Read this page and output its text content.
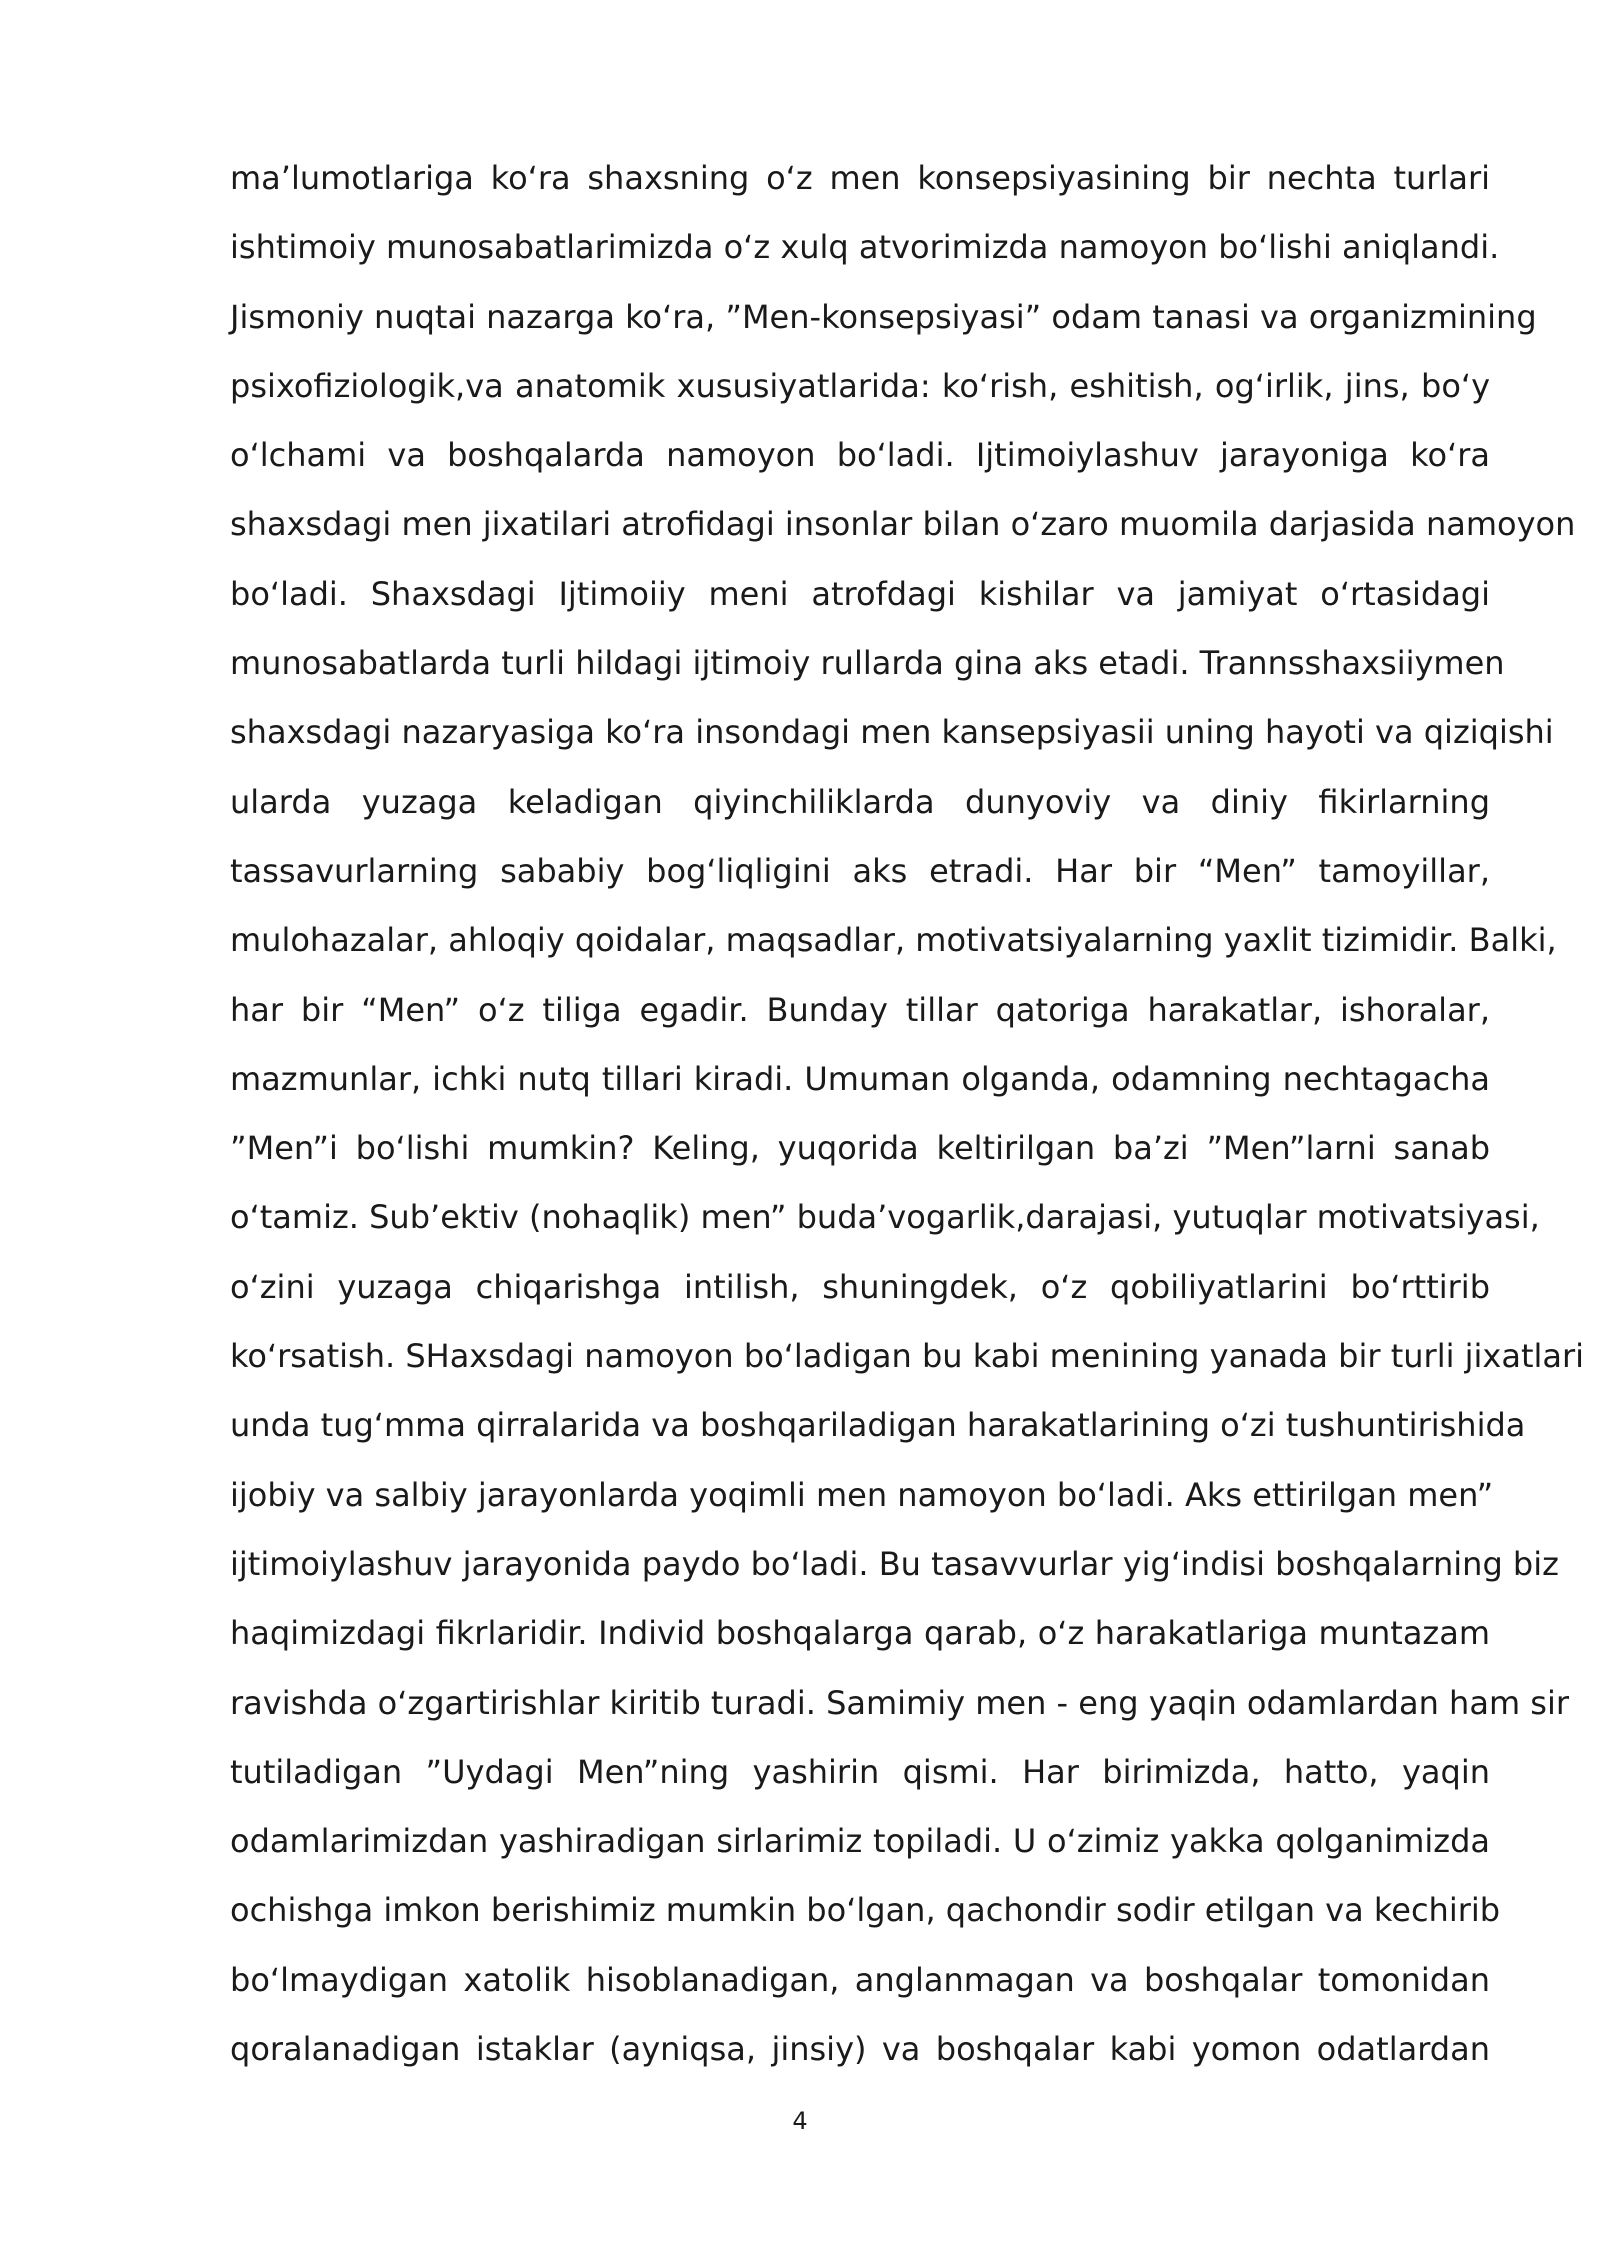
ma’lumotlariga koʻra shaxsning oʻz men konsepsiyasining bir nechta turlari
ishtimoiy munosabatlarimizda oʻz xulq atvorimizda namoyon boʻlishi aniqlandi.
Jismoniy nuqtai nazarga koʻra, ”Men-konsepsiyasi” odam tanasi va organizmining
psixofiziologik,va anatomik xususiyatlarida: koʻrish, eshitish, ogʻirlik, jins, boʻy
oʻlchami va boshqalarda namoyon boʻladi. Ijtimoiylashuv jarayoniga koʻra
shaxsdagi men jixatilari atrofidagi insonlar bilan oʻzaro muomila darjasida namoyon
boʻladi. Shaxsdagi Ijtimoiiy meni atrofdagi kishilar va jamiyat oʻrtasidagi
munosabatlarda turli hildagi ijtimoiy rullarda gina aks etadi. Trannsshaxsiiymen
shaxsdagi nazaryasiga koʻra insondagi men kansepsiyasii uning hayoti va qiziqishi
ularda yuzaga keladigan qiyinchiliklarda dunyoviy va diniy fikirlarning
tassavurlarning sababiy bogʻliqligini aks etradi. Har bir “Men” tamoyillar,
mulohazalar, ahloqiy qoidalar, maqsadlar, motivatsiyalarning yaxlit tizimidir. Balki,
har bir “Men” oʻz tiliga egadir. Bunday tillar qatoriga harakatlar, ishoralar,
mazmunlar, ichki nutq tillari kiradi. Umuman olganda, odamning nechtagacha
”Men”i boʻlishi mumkin? Keling, yuqorida keltirilgan ba’zi ”Men”larni sanab
oʻtamiz. Sub’ektiv (nohaqlik) men” buda’vogarlik,darajasi, yutuqlar motivatsiyasi,
oʻzini yuzaga chiqarishga intilish, shuningdek, oʻz qobiliyatlarini boʻrttirib
koʻrsatish. SHaxsdagi namoyon boʻladigan bu kabi menining yanada bir turli jixatlari
unda tugʻmma qirralarida va boshqariladigan harakatlarining oʻzi tushuntirishida
ijobiy va salbiy jarayonlarda yoqimli men namoyon boʻladi. Aks ettirilgan men”
ijtimoiylashuv jarayonida paydo boʻladi. Bu tasavvurlar yigʻindisi boshqalarning biz
haqimizdagi fikrlaridir. Individ boshqalarga qarab, oʻz harakatlariga muntazam
ravishda oʻzgartirishlar kiritib turadi. Samimiy men - eng yaqin odamlardan ham sir
tutiladigan ”Uydagi Men”ning yashirin qismi. Har birimizda, hatto, yaqin
odamlarimizdan yashiradigan sirlarimiz topiladi. U oʻzimiz yakka qolganimizda
ochishga imkon berishimiz mumkin boʻlgan, qachondir sodir etilgan va kechirib
boʻlmaydigan xatolik hisoblanadigan, anglanmagan va boshqalar tomonidan
qoralanadigan istaklar (ayniqsa, jinsiy) va boshqalar kabi yomon odatlardan
4
